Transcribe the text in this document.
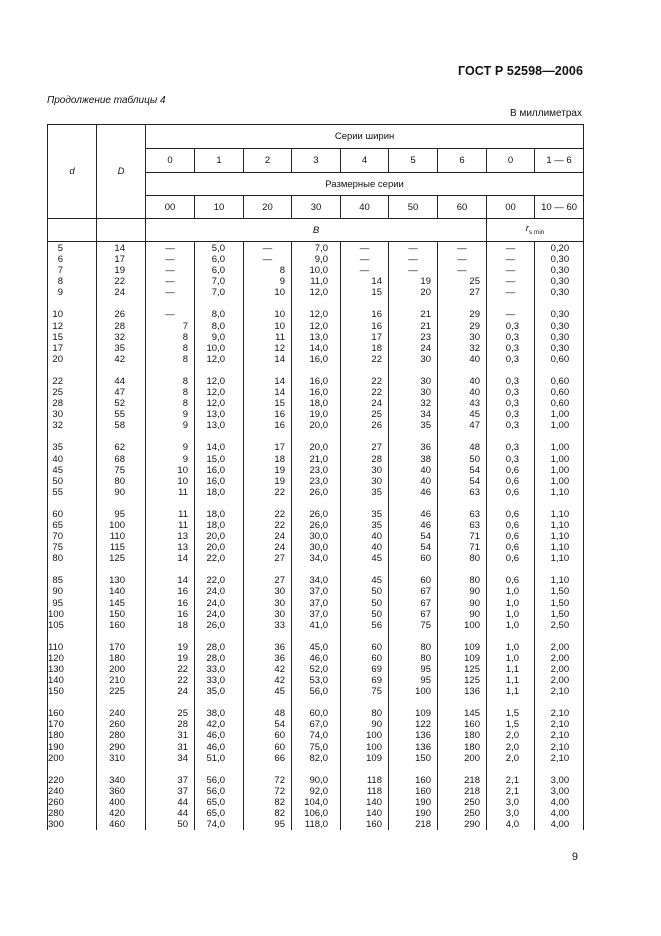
ГОСТ Р 52598—2006
Продолжение таблицы 4
В миллиметрах
d	D	Серии ширин								
		0	1	2	3	4	5	6	0	1 — 6
		Размерные серии								
		00	10	20	30	40	50	60	00	10 — 60
		B							$r_{s min}$
5	14	—	5,0	—	7,0	—	—	—	—	0,20
6	17	—	6,0	—	9,0	—	—	—	—	0,30
7	19	—	6,0	8	10,0	—	—	—	—	0,30
8	22	—	7,0	9	11,0	14	19	25	—	0,30
9	24	—	7,0	10	12,0	15	20	27	—	0,30

10	26	—	8,0	10	12,0	16	21	29	—	0,30
12	28	7	8,0	10	12,0	16	21	29	0,3	0,30
15	32	8	9,0	11	13,0	17	23	30	0,3	0,30
17	35	8	10,0	12	14,0	18	24	32	0,3	0,30
20	42	8	12,0	14	16,0	22	30	40	0,3	0,60

22	44	8	12,0	14	16,0	22	30	40	0,3	0,60
25	47	8	12,0	14	16,0	22	30	40	0,3	0,60
28	52	8	12,0	15	18,0	24	32	43	0,3	0,60
30	55	9	13,0	16	19,0	25	34	45	0,3	1,00
32	58	9	13,0	16	20,0	26	35	47	0,3	1,00

35	62	9	14,0	17	20,0	27	36	48	0,3	1,00
40	68	9	15,0	18	21,0	28	38	50	0,3	1,00
45	75	10	16,0	19	23,0	30	40	54	0,6	1,00
50	80	10	16,0	19	23,0	30	40	54	0,6	1,00
55	90	11	18,0	22	26,0	35	46	63	0,6	1,10

60	95	11	18,0	22	26,0	35	46	63	0,6	1,10
65	100	11	18,0	22	26,0	35	46	63	0,6	1,10
70	110	13	20,0	24	30,0	40	54	71	0,6	1,10
75	115	13	20,0	24	30,0	40	54	71	0,6	1,10
80	125	14	22,0	27	34,0	45	60	80	0,6	1,10

85	130	14	22,0	27	34,0	45	60	80	0,6	1,10
90	140	16	24,0	30	37,0	50	67	90	1,0	1,50
95	145	16	24,0	30	37,0	50	67	90	1,0	1,50
100	150	16	24,0	30	37,0	50	67	90	1,0	1,50
105	160	18	26,0	33	41,0	56	75	100	1,0	2,50

110	170	19	28,0	36	45,0	60	80	109	1,0	2,00
120	180	19	28,0	36	46,0	60	80	109	1,0	2,00
130	200	22	33,0	42	52,0	69	95	125	1,1	2,00
140	210	22	33,0	42	53,0	69	95	125	1,1	2,00
150	225	24	35,0	45	56,0	75	100	136	1,1	2,10

160	240	25	38,0	48	60,0	80	109	145	1,5	2,10
170	260	28	42,0	54	67,0	90	122	160	1,5	2,10
180	280	31	46,0	60	74,0	100	136	180	2,0	2,10
190	290	31	46,0	60	75,0	100	136	180	2,0	2,10
200	310	34	51,0	66	82,0	109	150	200	2,0	2,10

220	340	37	56,0	72	90,0	118	160	218	2,1	3,00
240	360	37	56,0	72	92,0	118	160	218	2,1	3,00
260	400	44	65,0	82	104,0	140	190	250	3,0	4,00
280	420	44	65,0	82	106,0	140	190	250	3,0	4,00
300	460	50	74,0	95	118,0	160	218	290	4,0	4,00
9
